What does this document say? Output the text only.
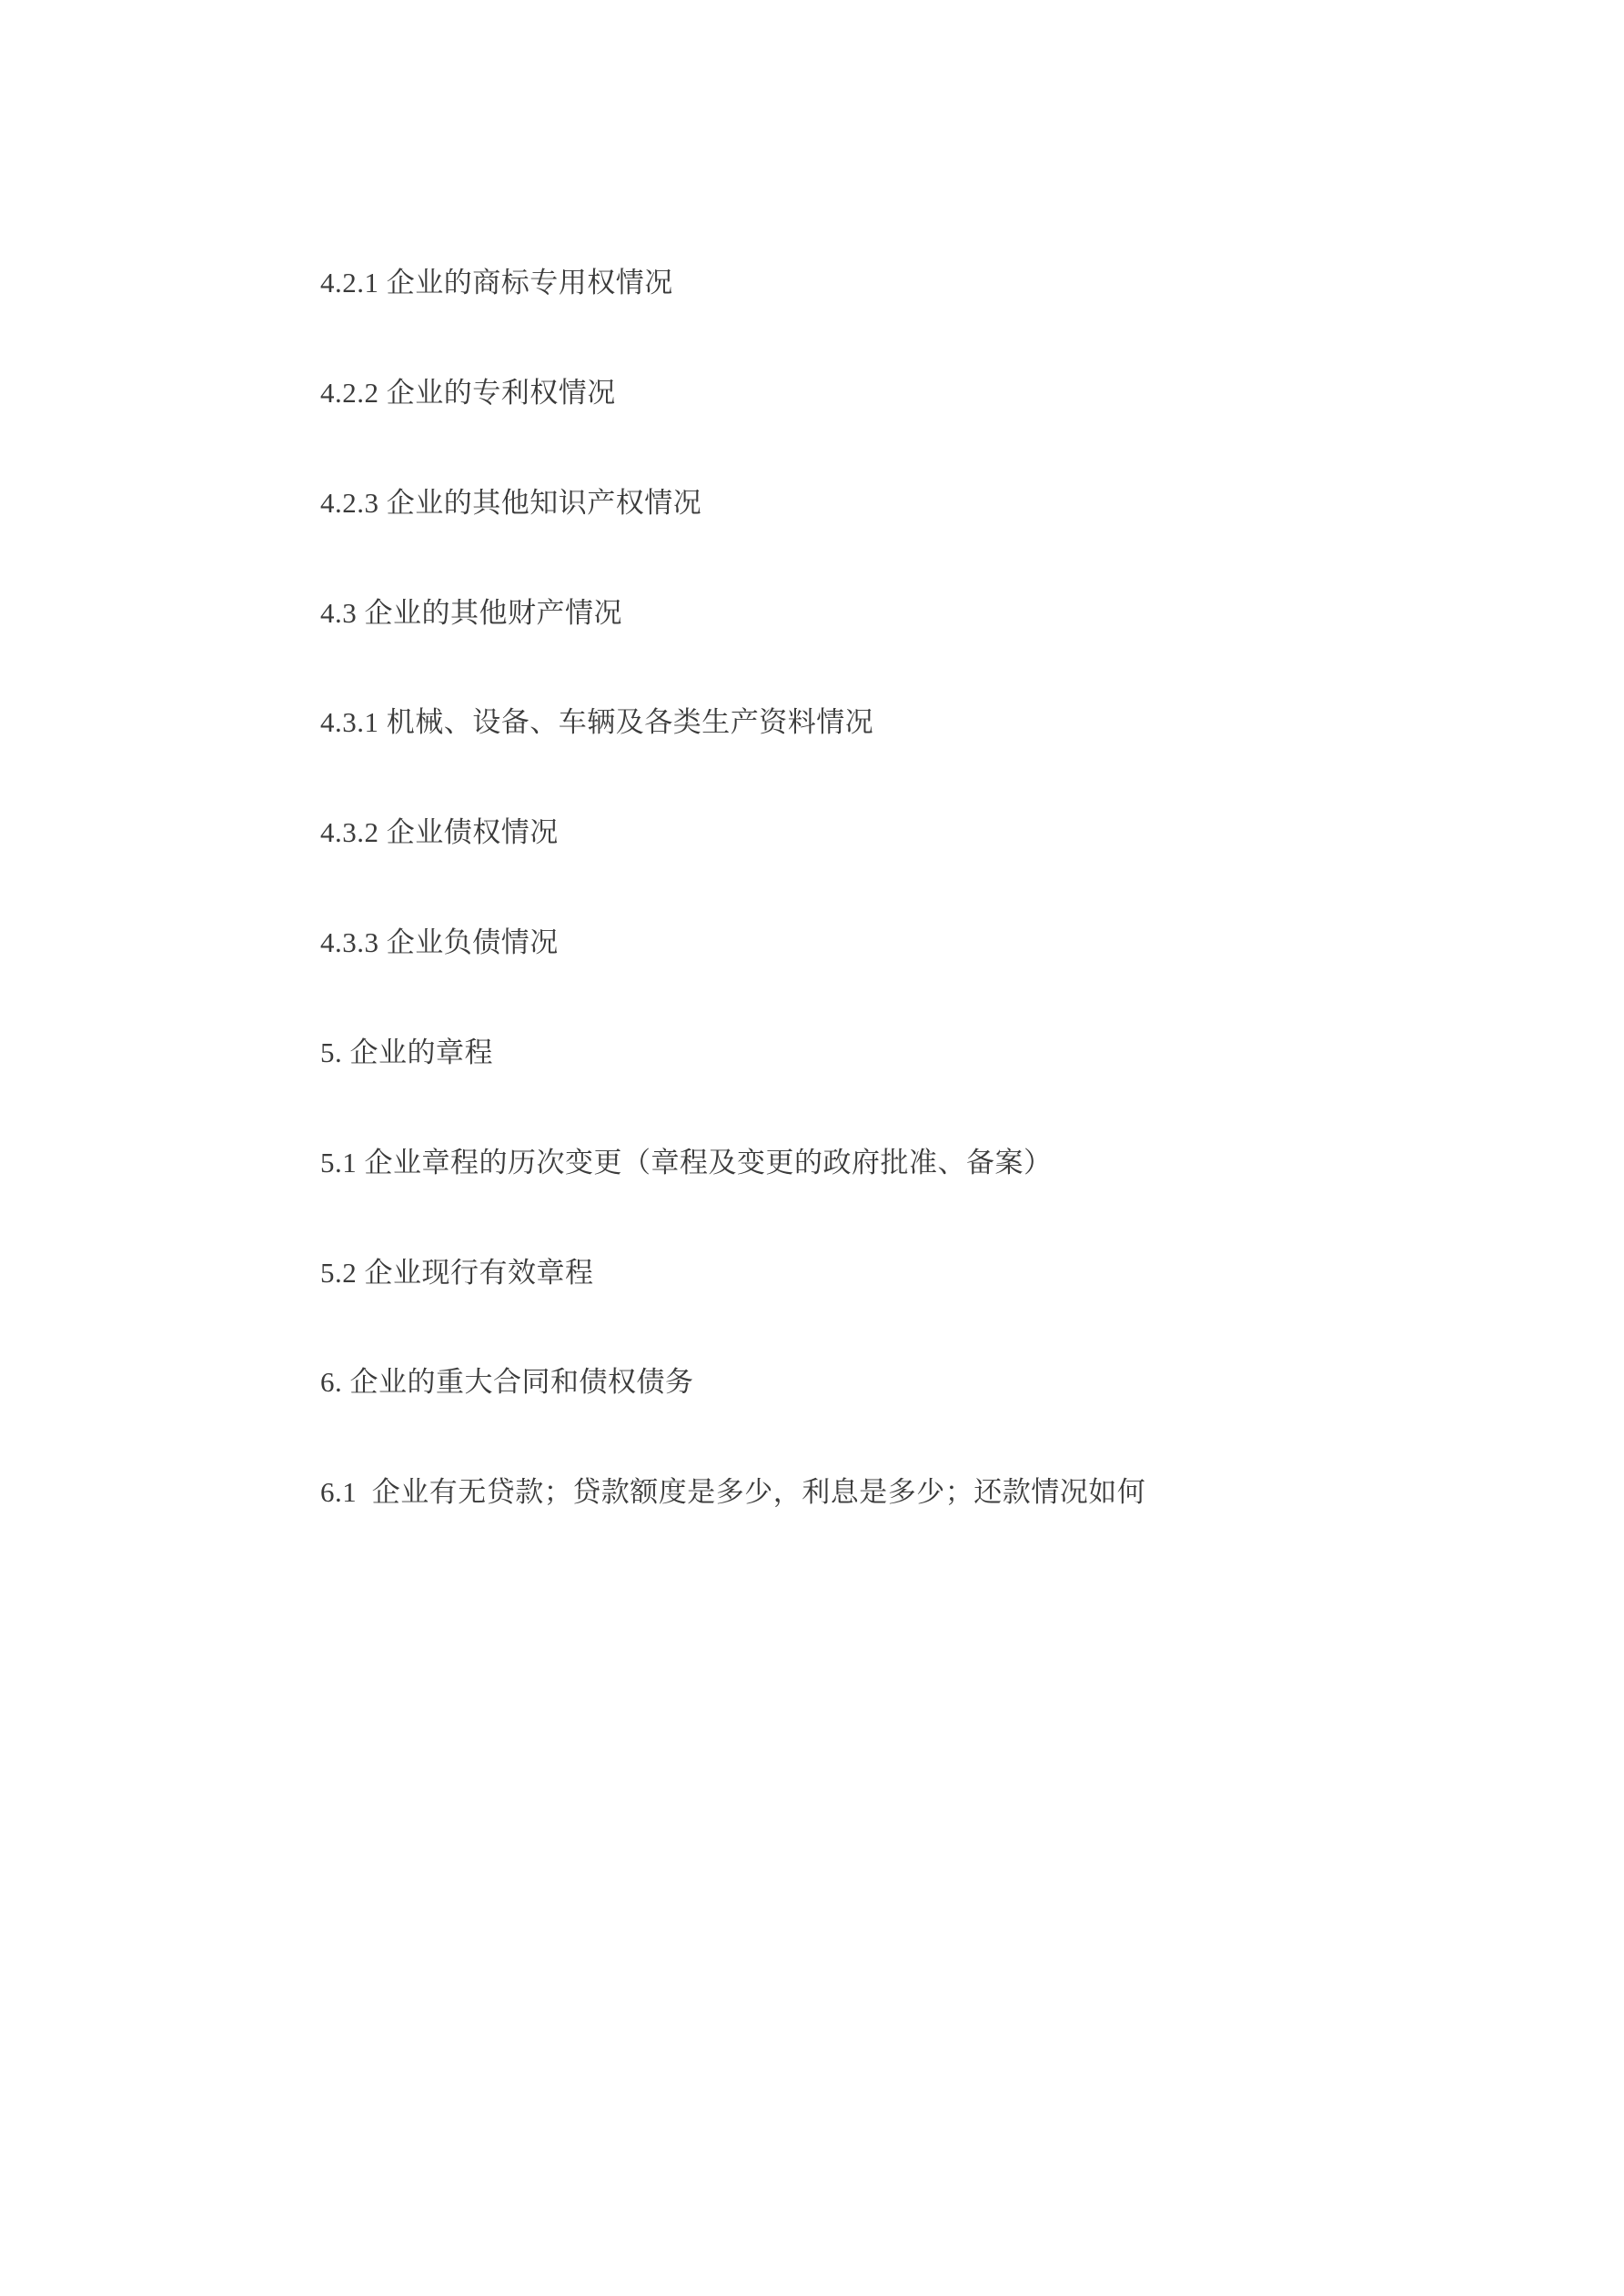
4.2.1 企业的商标专用权情况

4.2.2 企业的专利权情况

4.2.3 企业的其他知识产权情况

4.3 企业的其他财产情况

4.3.1 机械、设备、车辆及各类生产资料情况

4.3.2 企业债权情况

4.3.3 企业负债情况

5. 企业的章程

5.1 企业章程的历次变更（章程及变更的政府批准、备案）

5.2 企业现行有效章程

6. 企业的重大合同和债权债务

6.1  企业有无贷款；贷款额度是多少，利息是多少；还款情况如何
